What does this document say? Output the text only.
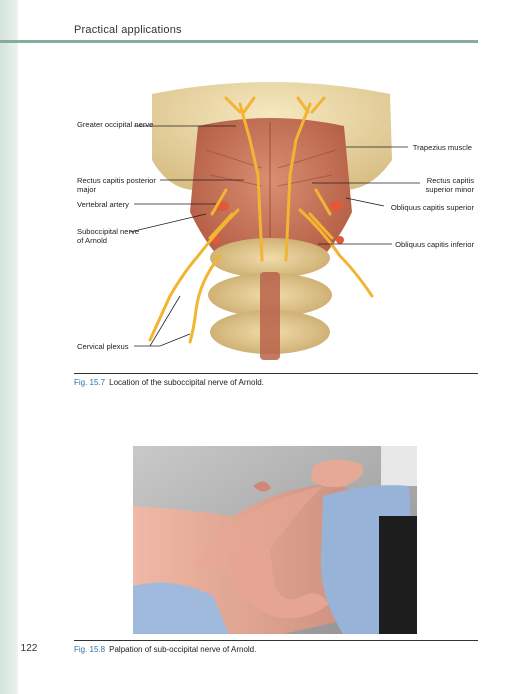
Practical applications
Greater occipital nerve
Trapezius muscle
Rectus capitis posterior major
Rectus capitis superior minor
Vertebral artery	Obliquus capitis superior
Suboccipital nerve of Arnold	Obliquus capitis inferior
Cervical plexus
Fig. 15.7 Location of the suboccipital nerve of Arnold.
122	Fig. 15.8 Palpation of sub-occipital nerve of Arnold.
